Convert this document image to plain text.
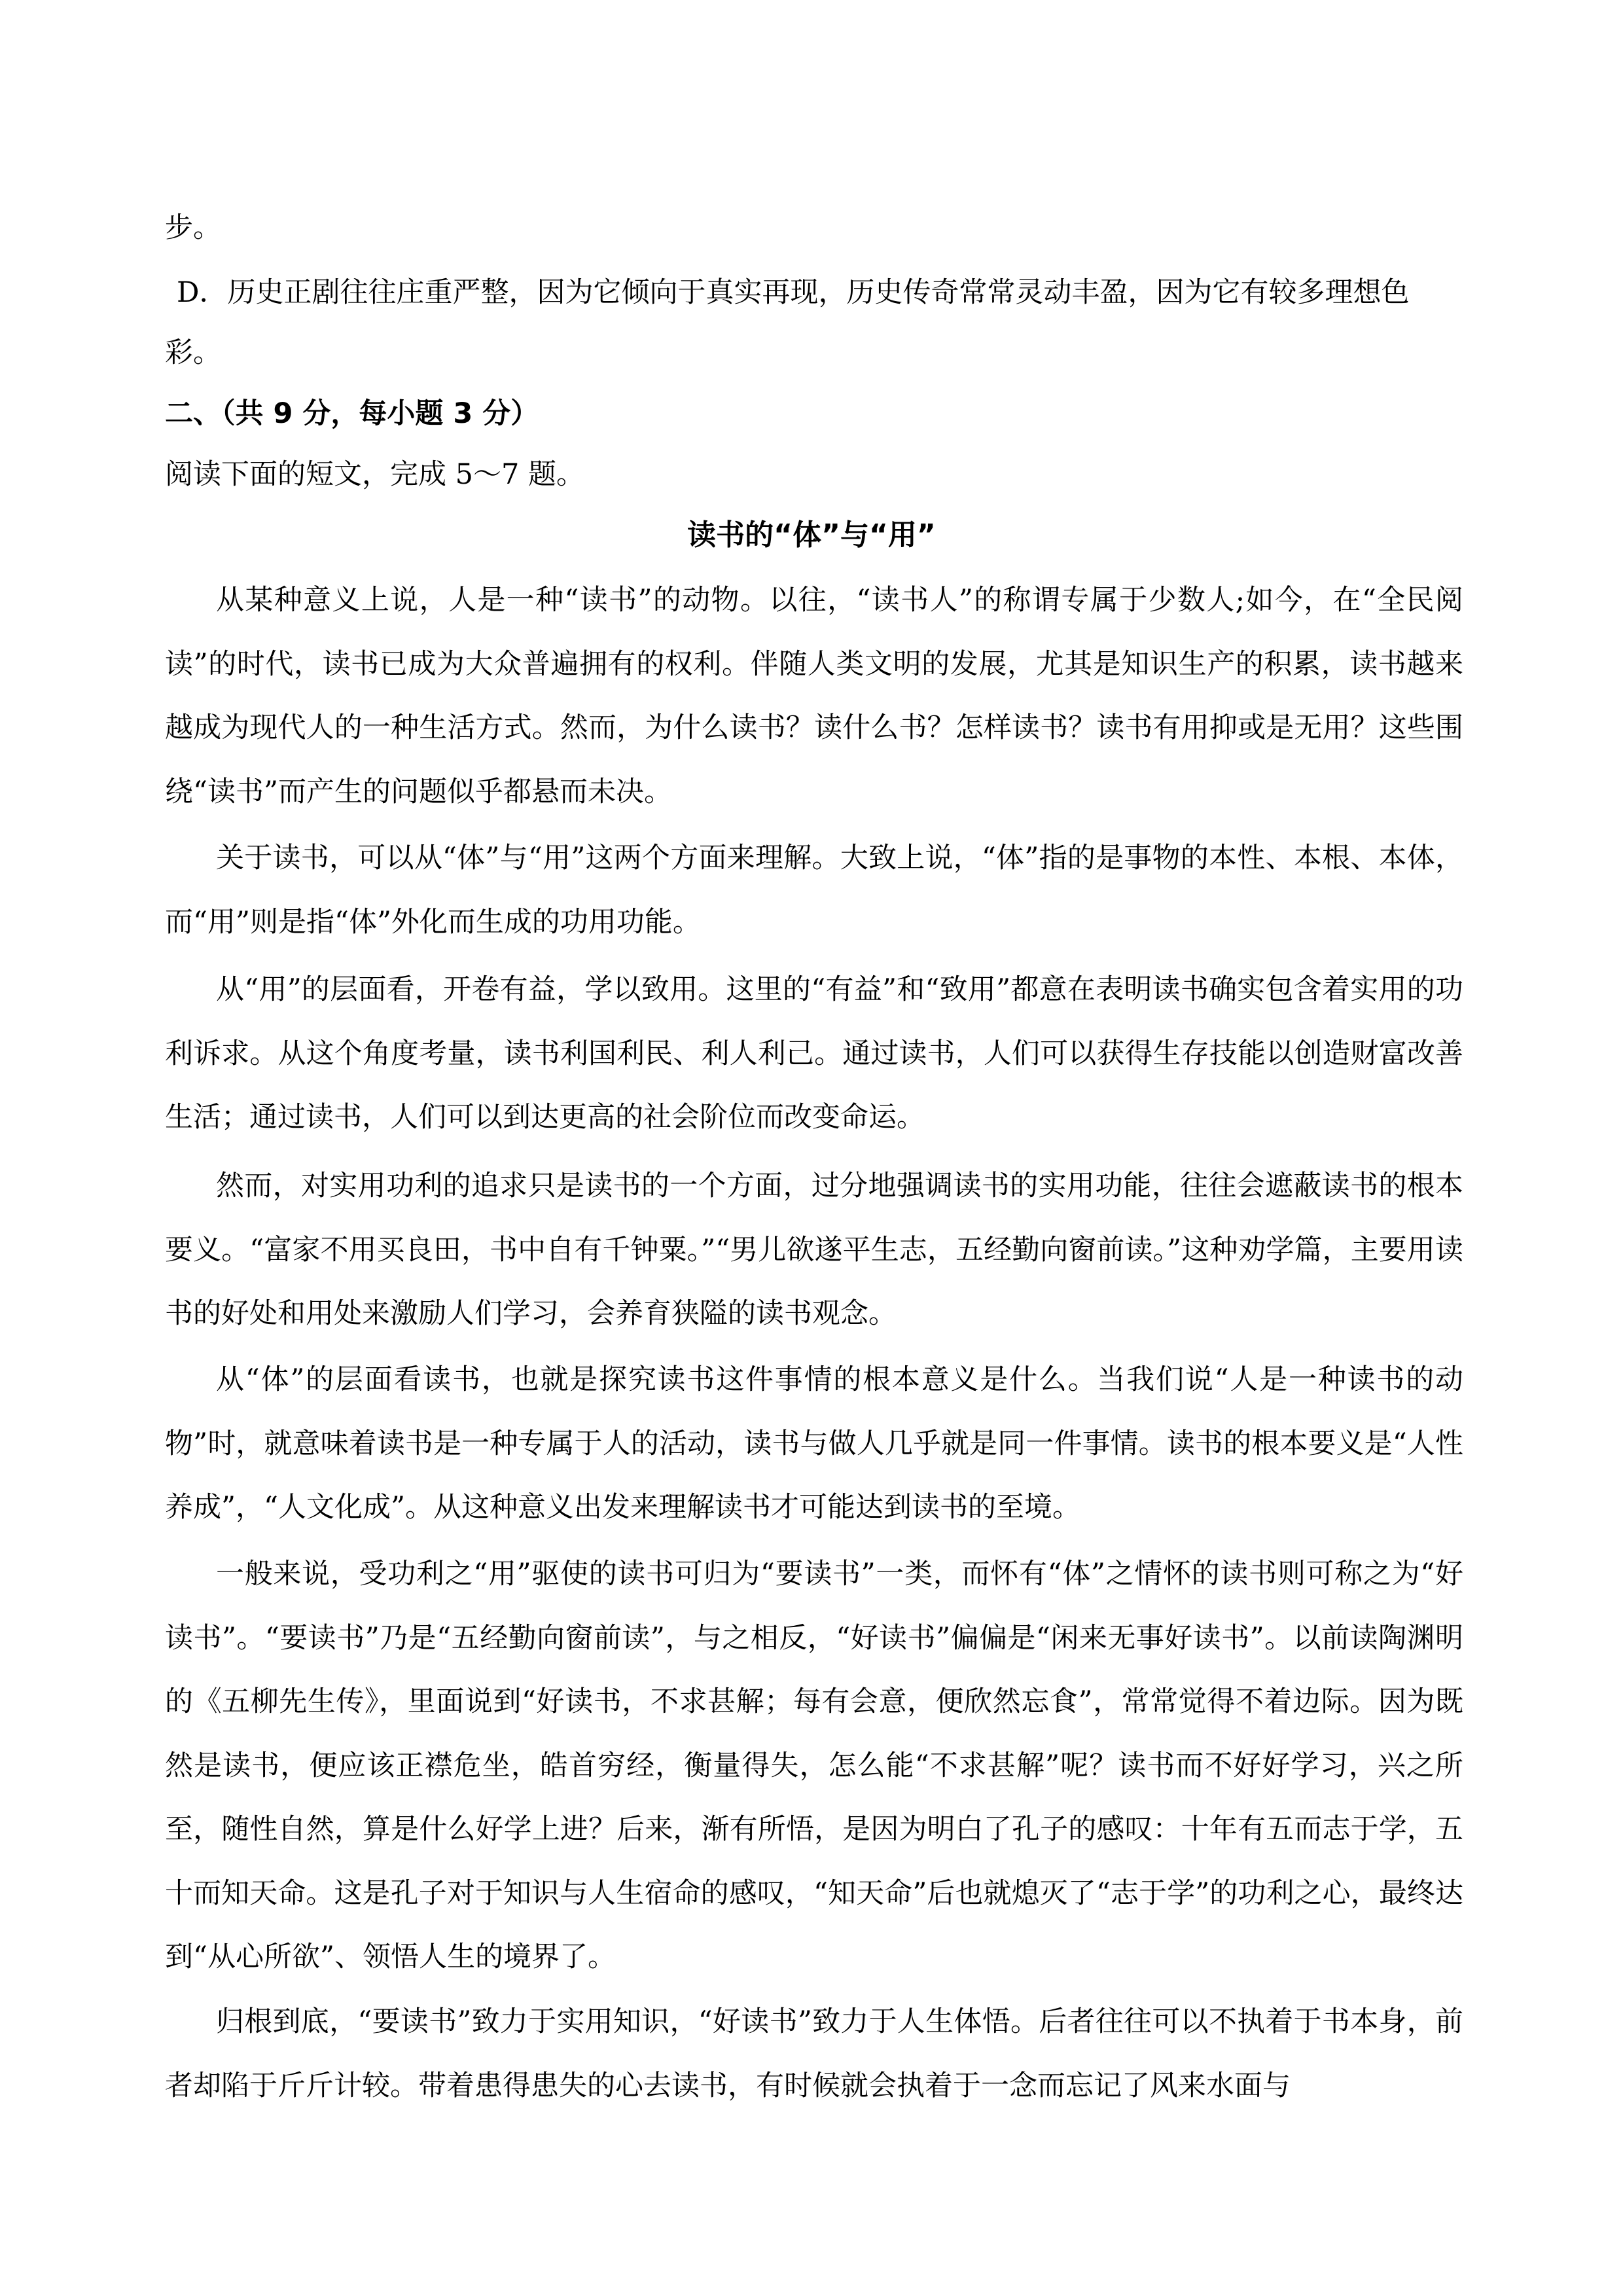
步。
D．历史正剧往往庄重严整，因为它倾向于真实再现，历史传奇常常灵动丰盈，因为它有较多理想色
彩。
二、（共 9 分，每小题 3 分）
阅读下面的短文，完成 5～7 题。
读书的“体”与“用”
从某种意义上说，人是一种“读书”的动物。以往，“读书人”的称谓专属于少数人;如今，在“全民阅读”的时代，读书已成为大众普遍拥有的权利。伴随人类文明的发展，尤其是知识生产的积累，读书越来越成为现代人的一种生活方式。然而，为什么读书？读什么书？怎样读书？读书有用抑或是无用？这些围绕“读书”而产生的问题似乎都悬而未决。
关于读书，可以从“体”与“用”这两个方面来理解。大致上说，“体”指的是事物的本性、本根、本体，而“用”则是指“体”外化而生成的功用功能。
从“用”的层面看，开卷有益，学以致用。这里的“有益”和“致用”都意在表明读书确实包含着实用的功利诉求。从这个角度考量，读书利国利民、利人利己。通过读书，人们可以获得生存技能以创造财富改善生活；通过读书，人们可以到达更高的社会阶位而改变命运。
然而，对实用功利的追求只是读书的一个方面，过分地强调读书的实用功能，往往会遮蔽读书的根本要义。“富家不用买良田，书中自有千钟粟。”“男儿欲遂平生志，五经勤向窗前读。”这种劝学篇，主要用读书的好处和用处来激励人们学习，会养育狭隘的读书观念。
从“体”的层面看读书，也就是探究读书这件事情的根本意义是什么。当我们说“人是一种读书的动物”时，就意味着读书是一种专属于人的活动，读书与做人几乎就是同一件事情。读书的根本要义是“人性养成”，“人文化成”。从这种意义出发来理解读书才可能达到读书的至境。
一般来说，受功利之“用”驱使的读书可归为“要读书”一类，而怀有“体”之情怀的读书则可称之为“好读书”。“要读书”乃是“五经勤向窗前读”，与之相反，“好读书”偏偏是“闲来无事好读书”。以前读陶渊明的《五柳先生传》，里面说到“好读书，不求甚解；每有会意，便欣然忘食”，常常觉得不着边际。因为既然是读书，便应该正襟危坐，皓首穷经，衡量得失，怎么能“不求甚解”呢？读书而不好好学习，兴之所至，随性自然，算是什么好学上进？后来，渐有所悟，是因为明白了孔子的感叹：十年有五而志于学，五十而知天命。这是孔子对于知识与人生宿命的感叹，“知天命”后也就熄灭了“志于学”的功利之心，最终达到“从心所欲”、领悟人生的境界了。
归根到底，“要读书”致力于实用知识，“好读书”致力于人生体悟。后者往往可以不执着于书本身，前者却陷于斤斤计较。带着患得患失的心去读书，有时候就会执着于一念而忘记了风来水面与
